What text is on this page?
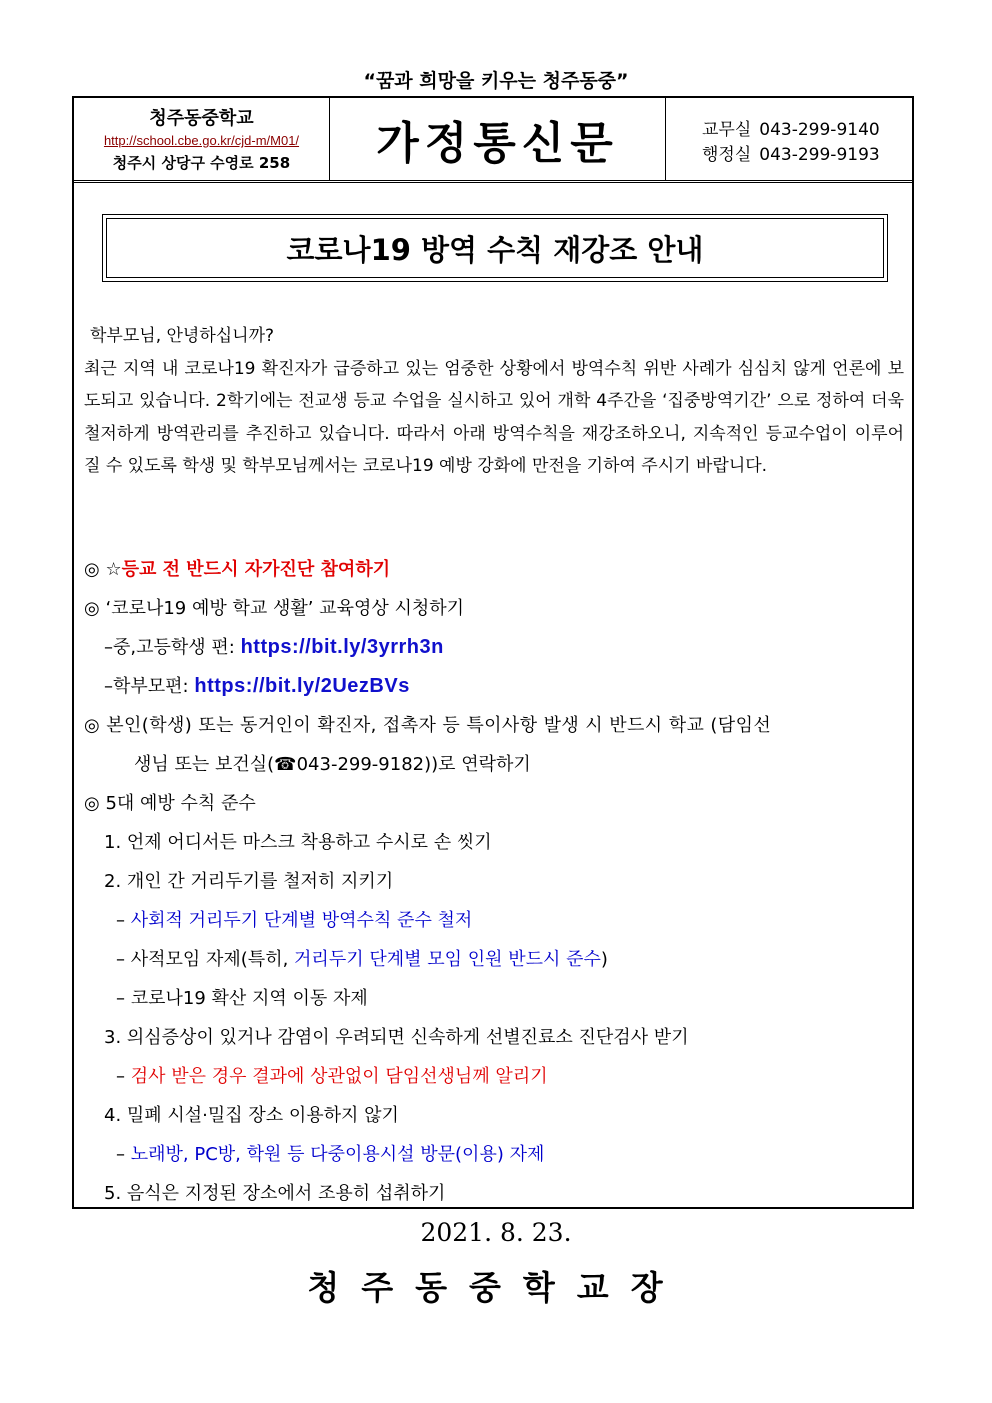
“꿈과 희망을 키우는 청주동중”
청주동중학교
http://school.cbe.go.kr/cjd-m/M01/
청주시 상당구 수영로 258	가정통신문	교무실 043-299-9140
행정실 043-299-9193
코로나19 방역 수칙 재강조 안내

학부모님, 안녕하십니까?

최근 지역 내 코로나19 확진자가 급증하고 있는 엄중한 상황에서 방역수칙 위반 사례가 심심치 않게 언론에 보도되고 있습니다. 2학기에는 전교생 등교 수업을 실시하고 있어 개학 4주간을 ‘집중방역기간’ 으로 정하여 더욱 철저하게 방역관리를 추진하고 있습니다. 따라서 아래 방역수칙을 재강조하오니, 지속적인 등교수업이 이루어질 수 있도록 학생 및 학부모님께서는 코로나19 예방 강화에 만전을 기하여 주시기 바랍니다.

◎ ☆등교 전 반드시 자가진단 참여하기
◎ ‘코로나19 예방 학교 생활’ 교육영상 시청하기
–중,고등학생 편: https://bit.ly/3yrrh3n
–학부모편: https://bit.ly/2UezBVs
◎ 본인(학생) 또는 동거인이 확진자, 접촉자 등 특이사항 발생 시 반드시 학교 (담임선
생님 또는 보건실(☎043-299-9182))로 연락하기
◎ 5대 예방 수칙 준수
1. 언제 어디서든 마스크 착용하고 수시로 손 씻기
2. 개인 간 거리두기를 철저히 지키기
– 사회적 거리두기 단계별 방역수칙 준수 철저
– 사적모임 자제(특히, 거리두기 단계별 모임 인원 반드시 준수)
– 코로나19 확산 지역 이동 자제
3. 의심증상이 있거나 감염이 우려되면 신속하게 선별진료소 진단검사 받기
– 검사 받은 경우 결과에 상관없이 담임선생님께 알리기
4. 밀폐 시설·밀집 장소 이용하지 않기
– 노래방, PC방, 학원 등 다중이용시설 방문(이용) 자제
5. 음식은 지정된 장소에서 조용히 섭취하기
2021. 8. 23.
청주동중학교장
